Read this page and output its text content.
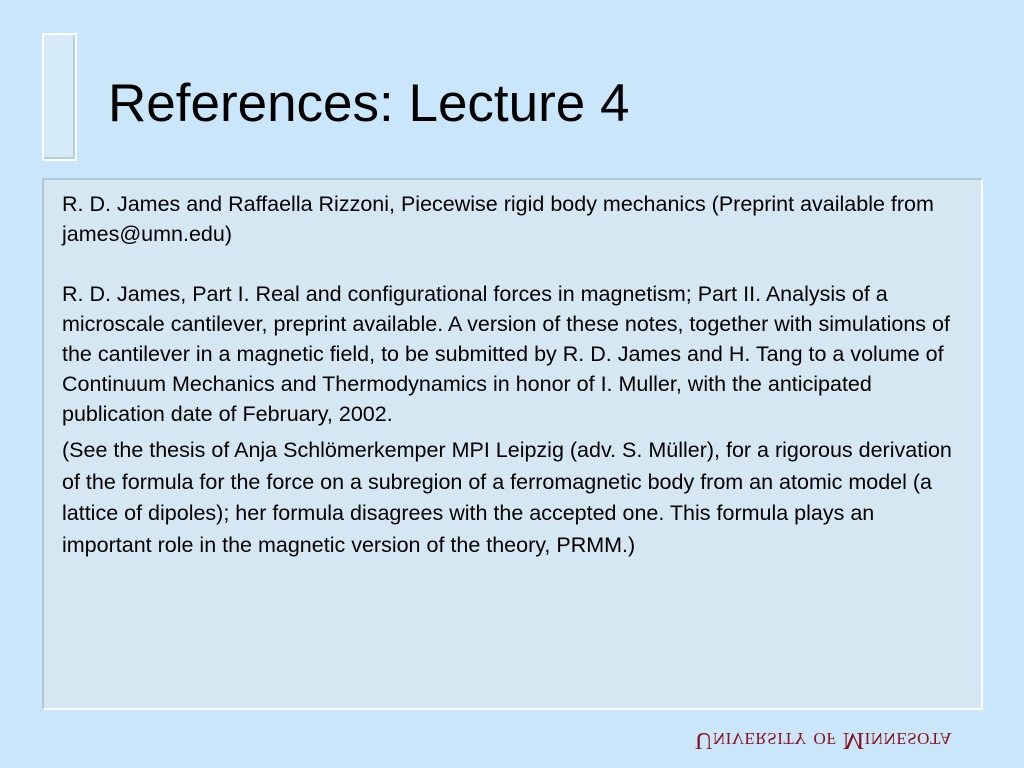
References: Lecture 4

R. D. James and Raffaella Rizzoni, Piecewise rigid body mechanics (Preprint available from james@umn.edu)

R. D. James, Part I. Real and configurational forces in magnetism; Part II. Analysis of a microscale cantilever, preprint available. A version of these notes, together with simulations of the cantilever in a magnetic field, to be submitted by R. D. James and H. Tang to a volume of Continuum Mechanics and Thermodynamics in honor of I. Muller, with the anticipated publication date of February, 2002.

(See the thesis of Anja Schlömerkemper MPI Leipzig (adv. S. Müller), for a rigorous derivation of the formula for the force on a subregion of a ferromagnetic body from an atomic model (a lattice of dipoles); her formula disagrees with the accepted one. This formula plays an important role in the magnetic version of the theory, PRMM.)

University of Minnesota
